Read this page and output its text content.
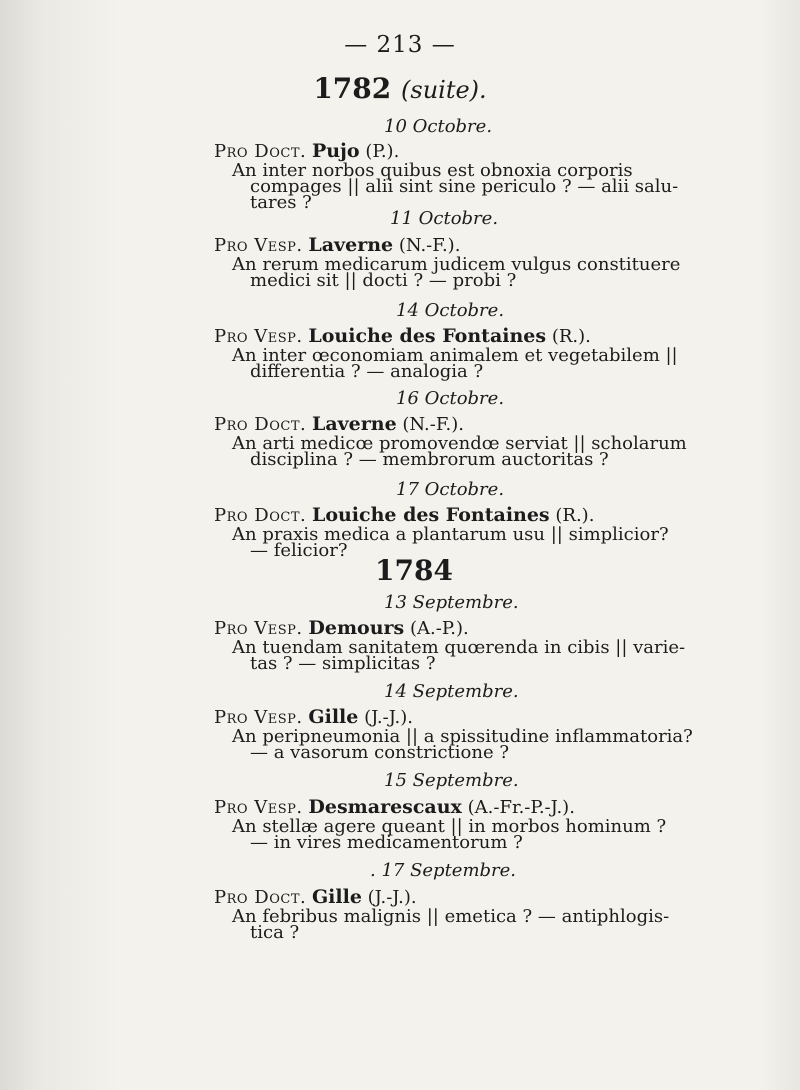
— 213 —
1782 (suite).
10 Octobre.
Pro Doct. Pujo (P.).
An inter norbos quibus est obnoxia corporis
compages || alii sint sine periculo ? — alii salu-
tares ?
11 Octobre.
Pro Vesp. Laverne (N.-F.).
An rerum medicarum judicem vulgus constituere
medici sit || docti ? — probi ?
14 Octobre.
Pro Vesp. Louiche des Fontaines (R.).
An inter œconomiam animalem et vegetabilem ||
differentia ? — analogia ?
16 Octobre.
Pro Doct. Laverne (N.-F.).
An arti medicœ promovendœ serviat || scholarum
disciplina ? — membrorum auctoritas ?
17 Octobre.
Pro Doct. Louiche des Fontaines (R.).
An praxis medica a plantarum usu || simplicior?
— felicior?
1784
13 Septembre.
Pro Vesp. Demours (A.-P.).
An tuendam sanitatem quœrenda in cibis || varie-
tas ? — simplicitas ?
14 Septembre.
Pro Vesp. Gille (J.-J.).
An peripneumonia || a spissitudine inflammatoria?
— a vasorum constrictione ?
15 Septembre.
Pro Vesp. Desmarescaux (A.-Fr.-P.-J.).
An stellæ agere queant || in morbos hominum ?
— in vires medicamentorum ?
. 17 Septembre.
Pro Doct. Gille (J.-J.).
An febribus malignis || emetica ? — antiphlogis-
tica ?
